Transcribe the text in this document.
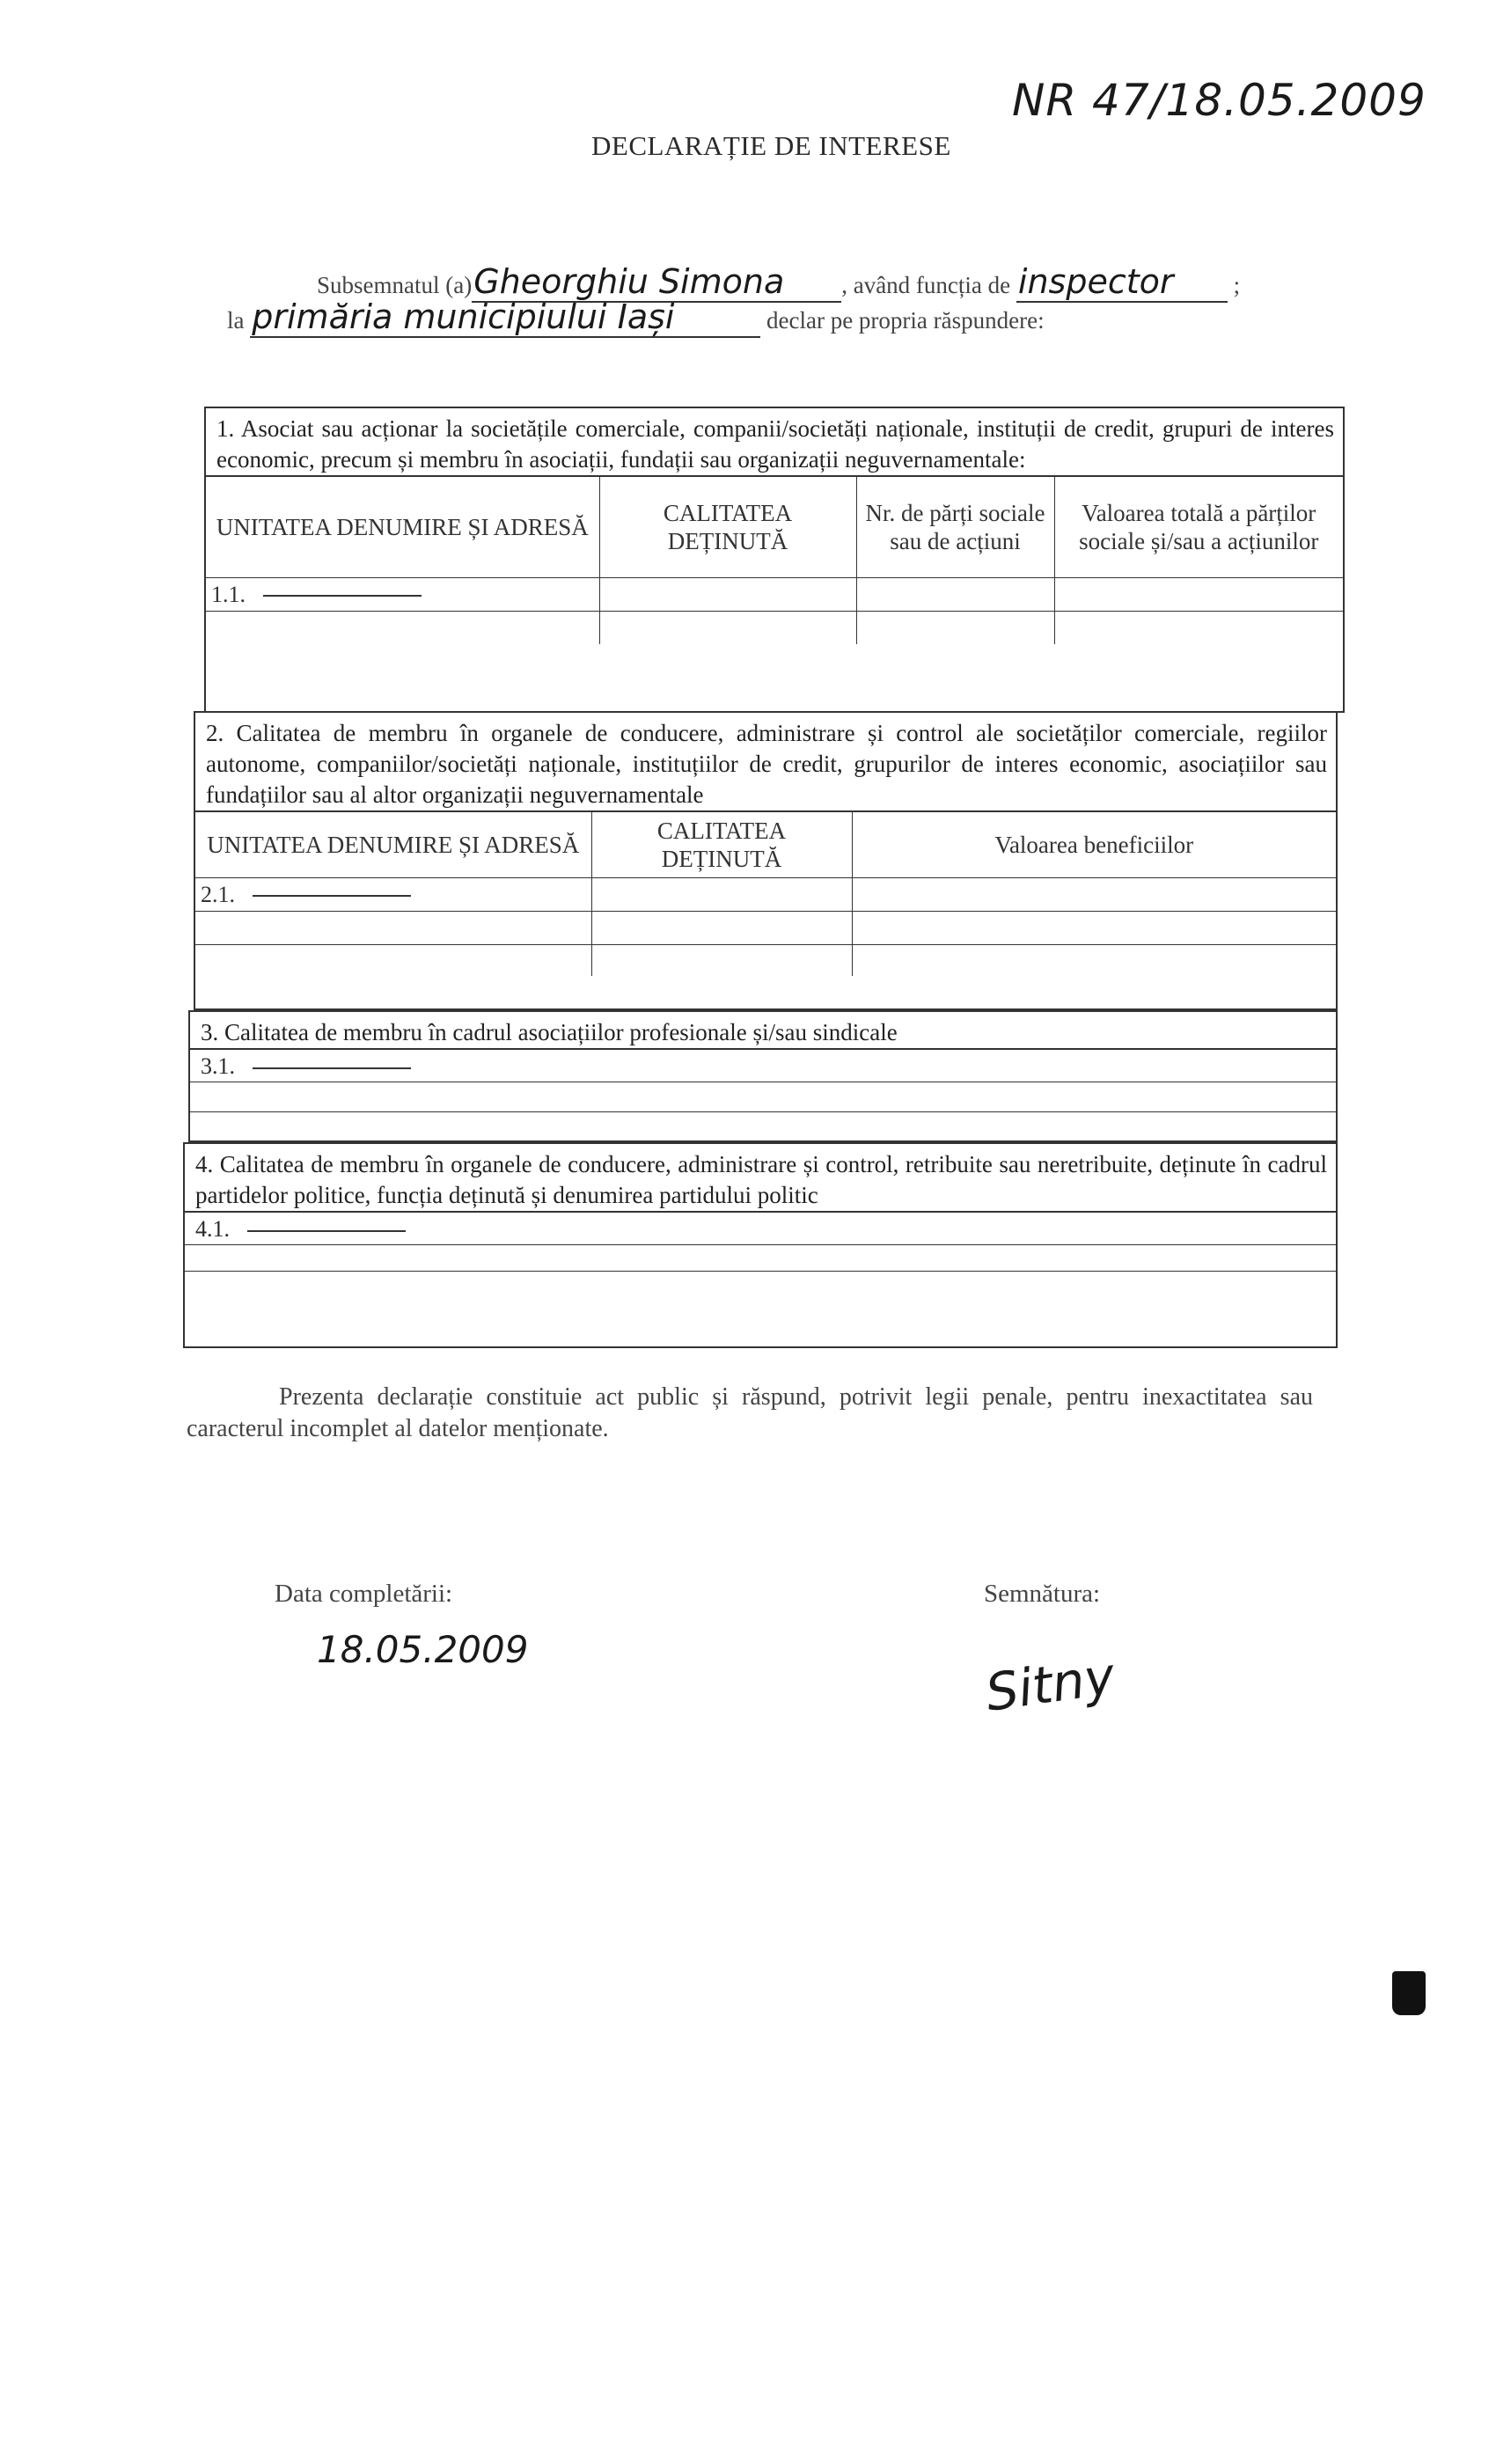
NR 47/18.05.2009
DECLARAȚIE DE INTERESE
Subsemnatul (a)Gheorghiu Simona , având funcția de inspector ;
la primăria municipiului Iași	declar pe propria răspundere:
1. Asociat sau acționar la societățile comerciale, companii/societăți naționale, instituții de credit, grupuri de interes economic, precum și membru în asociații, fundații sau organizații neguvernamentale:
UNITATEA DENUMIRE ȘI ADRESĂ	CALITATEA DEȚINUTĂ	Nr. de părți sociale sau de acțiuni	Valoarea totală a părților sociale și/sau a acțiunilor
1.1.			

2. Calitatea de membru în organele de conducere, administrare și control ale societăților comerciale, regiilor autonome, companiilor/societăți naționale, instituțiilor de credit, grupurilor de interes economic, asociațiilor sau fundațiilor sau al altor organizații neguvernamentale
UNITATEA DENUMIRE ȘI ADRESĂ	CALITATEA DEȚINUTĂ	Valoarea beneficiilor
2.1.		

3. Calitatea de membru în cadrul asociațiilor profesionale și/sau sindicale
3.1.
4. Calitatea de membru în organele de conducere, administrare și control, retribuite sau neretribuite, deținute în cadrul partidelor politice, funcția deținută și denumirea partidului politic
4.1.
Prezenta declarație constituie act public și răspund, potrivit legii penale, pentru inexactitatea sau caracterul incomplet al datelor menționate.
Data completării:	Semnătura:
18.05.2009	Sitny
